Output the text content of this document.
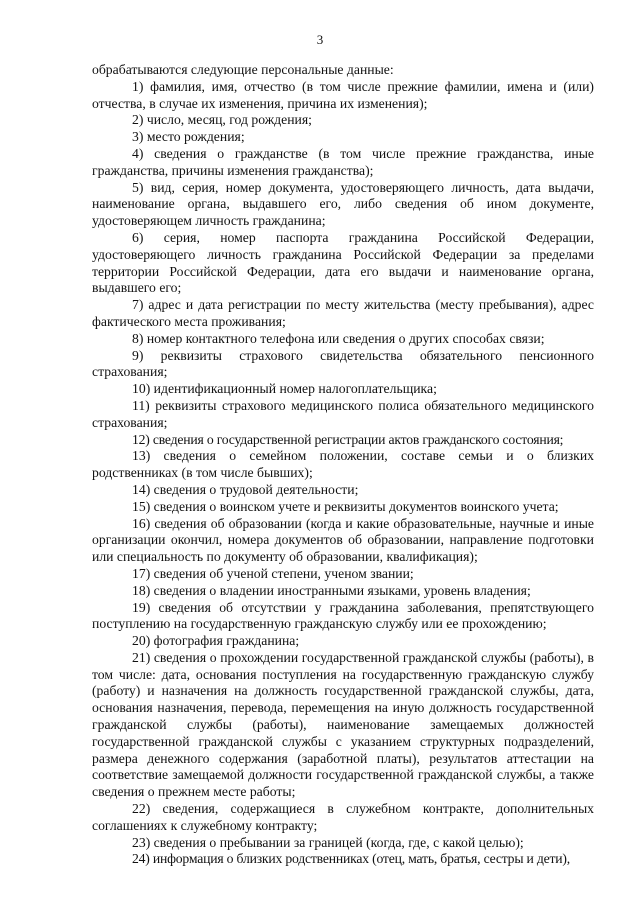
3

обрабатываются следующие персональные данные:

1) фамилия, имя, отчество (в том числе прежние фамилии, имена и (или) отчества, в случае их изменения, причина их изменения);

2) число, месяц, год рождения;

3) место рождения;

4) сведения о гражданстве (в том числе прежние гражданства, иные гражданства, причины изменения гражданства);

5) вид, серия, номер документа, удостоверяющего личность, дата выдачи, наименование органа, выдавшего его, либо сведения об ином документе, удостоверяющем личность гражданина;

6) серия, номер паспорта гражданина Российской Федерации, удостоверяющего личность гражданина Российской Федерации за пределами территории Российской Федерации, дата его выдачи и наименование органа, выдавшего его;

7) адрес и дата регистрации по месту жительства (месту пребывания), адрес фактического места проживания;

8) номер контактного телефона или сведения о других способах связи;

9) реквизиты страхового свидетельства обязательного пенсионного страхования;

10) идентификационный номер налогоплательщика;

11) реквизиты страхового медицинского полиса обязательного медицинского страхования;

12) сведения о государственной регистрации актов гражданского состояния;

13) сведения о семейном положении, составе семьи и о близких родственниках (в том числе бывших);

14) сведения о трудовой деятельности;

15) сведения о воинском учете и реквизиты документов воинского учета;

16) сведения об образовании (когда и какие образовательные, научные и иные организации окончил, номера документов об образовании, направление подготовки или специальность по документу об образовании, квалификация);

17) сведения об ученой степени, ученом звании;

18) сведения о владении иностранными языками, уровень владения;

19) сведения об отсутствии у гражданина заболевания, препятствующего поступлению на государственную гражданскую службу или ее прохождению;

20) фотография гражданина;

21) сведения о прохождении государственной гражданской службы (работы), в том числе: дата, основания поступления на государственную гражданскую службу (работу) и назначения на должность государственной гражданской службы, дата, основания назначения, перевода, перемещения на иную должность государственной гражданской службы (работы), наименование замещаемых должностей государственной гражданской службы с указанием структурных подразделений, размера денежного содержания (заработной платы), результатов аттестации на соответствие замещаемой должности государственной гражданской службы, а также сведения о прежнем месте работы;

22) сведения, содержащиеся в служебном контракте, дополнительных соглашениях к служебному контракту;

23) сведения о пребывании за границей (когда, где, с какой целью);

24) информация о близких родственниках (отец, мать, братья, сестры и дети),
